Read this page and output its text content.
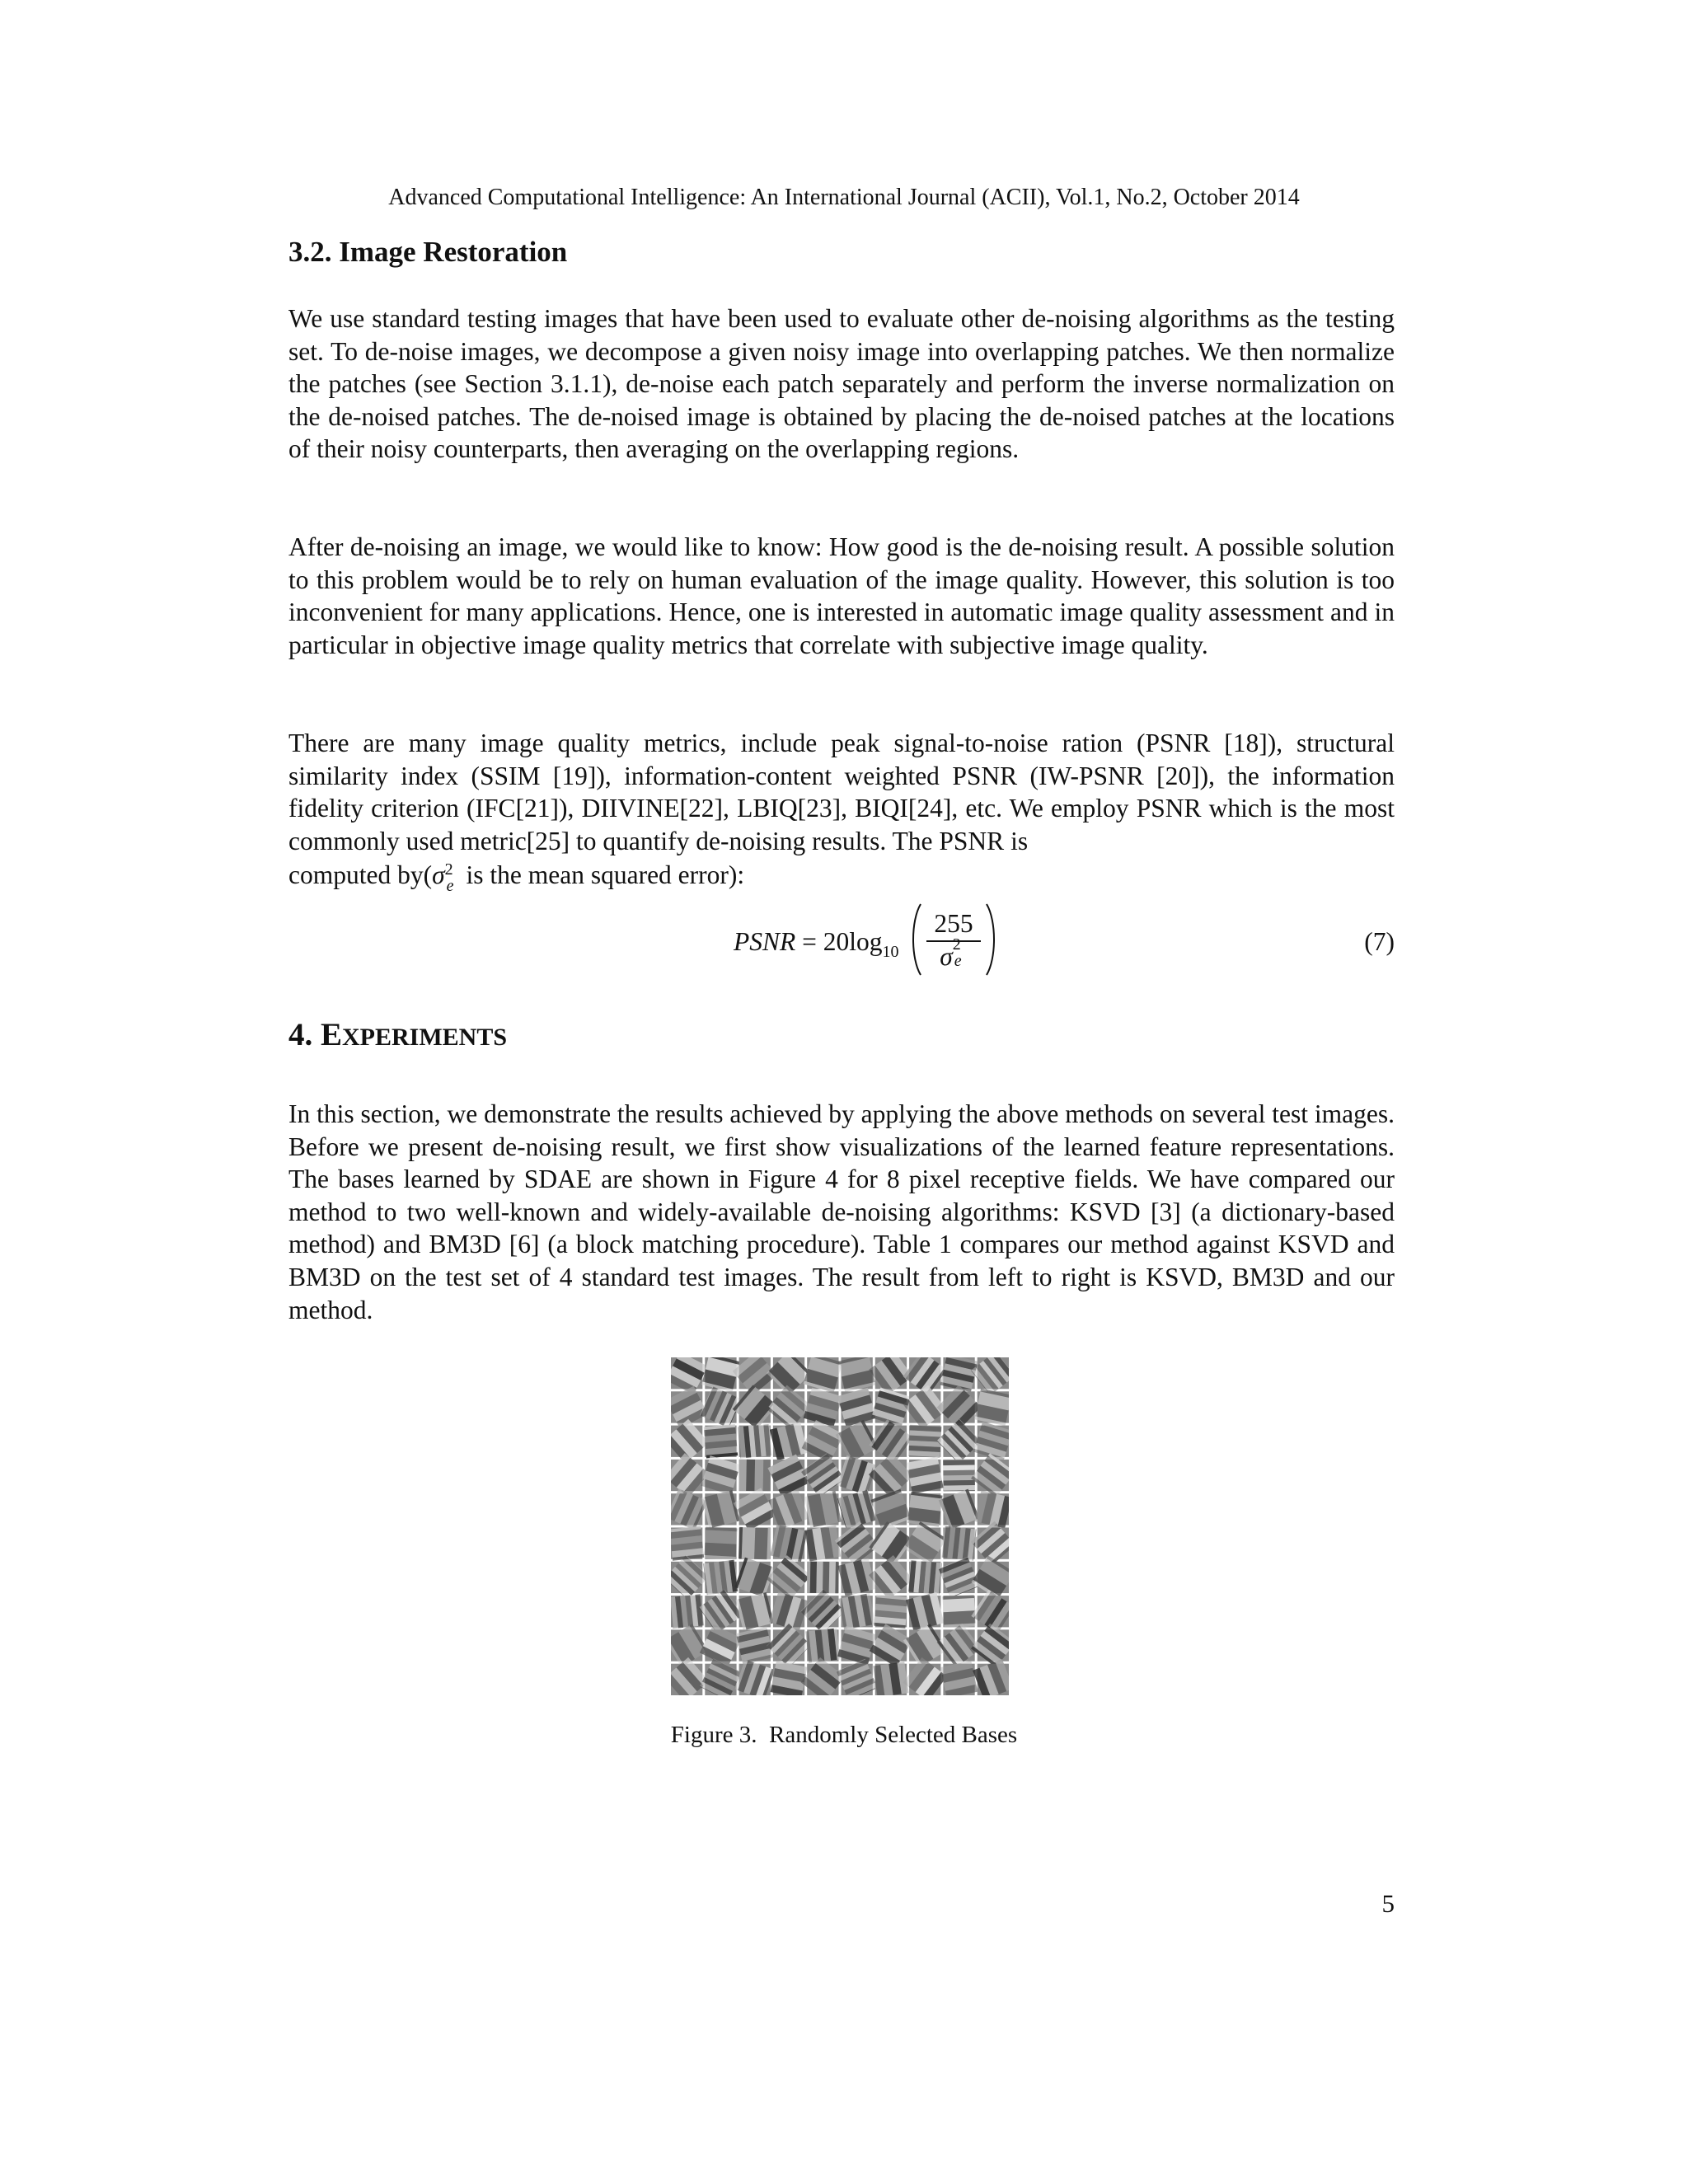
Advanced Computational Intelligence: An International Journal (ACII), Vol.1, No.2, October 2014
3.2. Image Restoration

We use standard testing images that have been used to evaluate other de-noising algorithms as the testing set. To de-noise images, we decompose a given noisy image into overlapping patches. We then normalize the patches (see Section 3.1.1), de-noise each patch separately and perform the inverse normalization on the de-noised patches. The de-noised image is obtained by placing the de-noised patches at the locations of their noisy counterparts, then averaging on the overlapping regions.

After de-noising an image, we would like to know: How good is the de-noising result. A possible solution to this problem would be to rely on human evaluation of the image quality. However, this solution is too inconvenient for many applications. Hence, one is interested in automatic image quality assessment and in particular in objective image quality metrics that correlate with subjective image quality.

There are many image quality metrics, include peak signal-to-noise ration (PSNR [18]), structural similarity index (SSIM [19]), information-content weighted PSNR (IW-PSNR [20]), the information fidelity criterion (IFC[21]), DIIVINE[22], LBIQ[23], BIQI[24], etc. We employ PSNR which is the most commonly used metric[25] to quantify de-noising results. The PSNR is

computed by(σ 2
e is the mean squared error):

PSNR = $20\log_{10}$
255
σ 2
e
(7)
4. EXPERIMENTS

In this section, we demonstrate the results achieved by applying the above methods on several test images. Before we present de-noising result, we first show visualizations of the learned feature representations. The bases learned by SDAE are shown in Figure 4 for 8 pixel receptive fields. We have compared our method to two well-known and widely-available de-noising algorithms: KSVD [3] (a dictionary-based method) and BM3D [6] (a block matching procedure). Table 1 compares our method against KSVD and BM3D on the test set of 4 standard test images. The result from left to right is KSVD, BM3D and our method.

Figure 3.  Randomly Selected Bases
5
